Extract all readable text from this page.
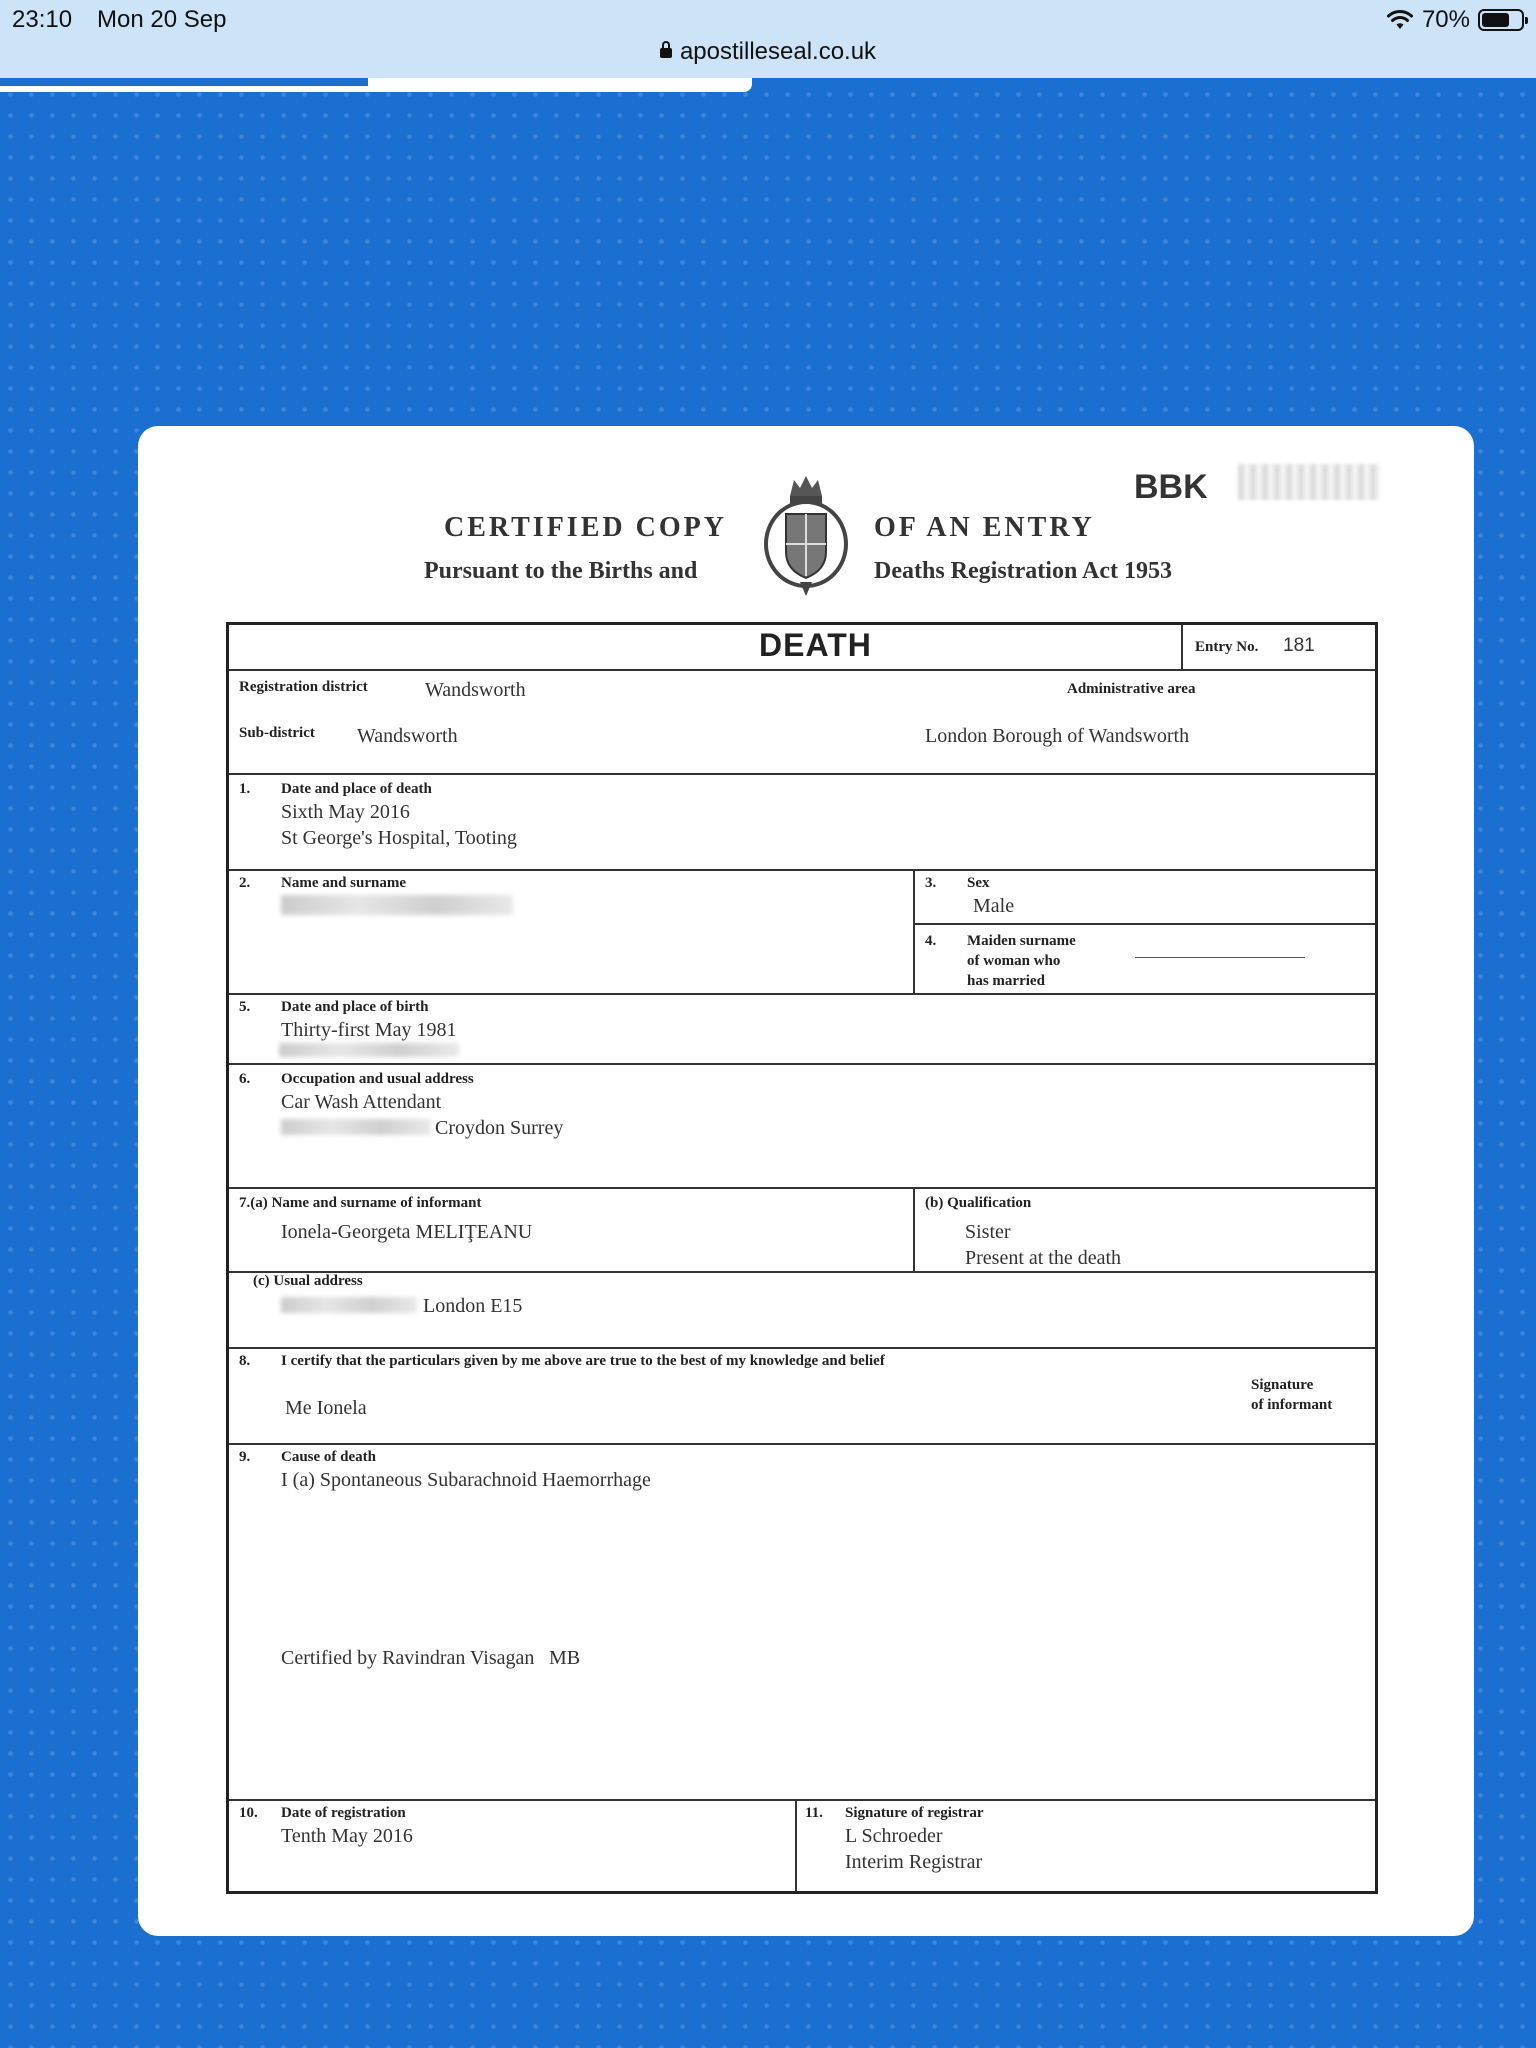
23:10 Mon 20 Sep	70%
apostilleseal.co.uk
CERTIFIED COPY
Pursuant to the Births and
OF AN ENTRY
Deaths Registration Act 1953
BBK
DEATH	Entry No. 181
Registration district	Wandsworth	Administrative area
Sub-district Wandsworth	London Borough of Wandsworth
1. Date and place of death
Sixth May 2016
St George's Hospital, Tooting
2. Name and surname	3. Sex
Male
4. Maiden surname
of woman who
has married
5. Date and place of birth
Thirty-first May 1981
6. Occupation and usual address
Car Wash Attendant
Croydon Surrey
7.(a) Name and surname of informant
Ionela-Georgeta MELIŢEANU
(b) Qualification
Sister
Present at the death
(c) Usual address
London E15
8. I certify that the particulars given by me above are true to the best of my knowledge and belief
Me Ionela
Signature
of informant
9. Cause of death
I (a) Spontaneous Subarachnoid Haemorrhage
Certified by Ravindran Visagan MB
10. Date of registration
Tenth May 2016
11. Signature of registrar
L Schroeder
Interim Registrar
